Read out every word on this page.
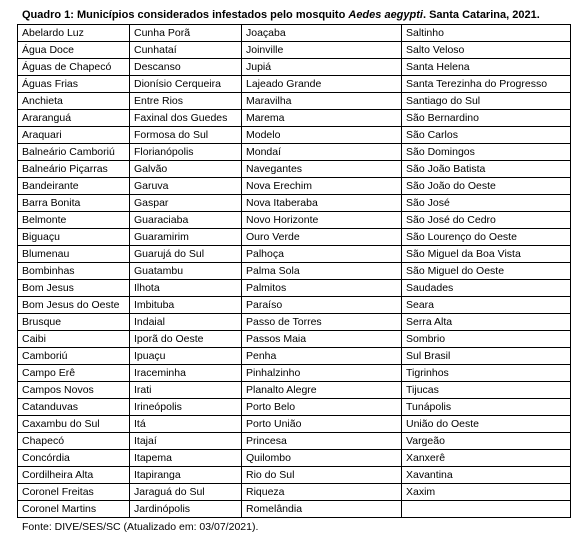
Quadro 1: Municípios considerados infestados pelo mosquito Aedes aegypti. Santa Catarina, 2021.
Abelardo Luz	Cunha Porã	Joaçaba	Saltinho
Água Doce	Cunhataí	Joinville	Salto Veloso
Águas de Chapecó	Descanso	Jupiá	Santa Helena
Águas Frias	Dionísio Cerqueira	Lajeado Grande	Santa Terezinha do Progresso
Anchieta	Entre Rios	Maravilha	Santiago do Sul
Araranguá	Faxinal dos Guedes	Marema	São Bernardino
Araquari	Formosa do Sul	Modelo	São Carlos
Balneário Camboriú	Florianópolis	Mondaí	São Domingos
Balneário Piçarras	Galvão	Navegantes	São João Batista
Bandeirante	Garuva	Nova Erechim	São João do Oeste
Barra Bonita	Gaspar	Nova Itaberaba	São José
Belmonte	Guaraciaba	Novo Horizonte	São José do Cedro
Biguaçu	Guaramirim	Ouro Verde	São Lourenço do Oeste
Blumenau	Guarujá do Sul	Palhoça	São Miguel da Boa Vista
Bombinhas	Guatambu	Palma Sola	São Miguel do Oeste
Bom Jesus	Ilhota	Palmitos	Saudades
Bom Jesus do Oeste	Imbituba	Paraíso	Seara
Brusque	Indaial	Passo de Torres	Serra Alta
Caibi	Iporã do Oeste	Passos Maia	Sombrio
Camboriú	Ipuaçu	Penha	Sul Brasil
Campo Erê	Iraceminha	Pinhalzinho	Tigrinhos
Campos Novos	Irati	Planalto Alegre	Tijucas
Catanduvas	Irineópolis	Porto Belo	Tunápolis
Caxambu do Sul	Itá	Porto União	União do Oeste
Chapecó	Itajaí	Princesa	Vargeão
Concórdia	Itapema	Quilombo	Xanxerê
Cordilheira Alta	Itapiranga	Rio do Sul	Xavantina
Coronel Freitas	Jaraguá do Sul	Riqueza	Xaxim
Coronel Martins	Jardinópolis	Romelândia	
Fonte: DIVE/SES/SC (Atualizado em: 03/07/2021).
